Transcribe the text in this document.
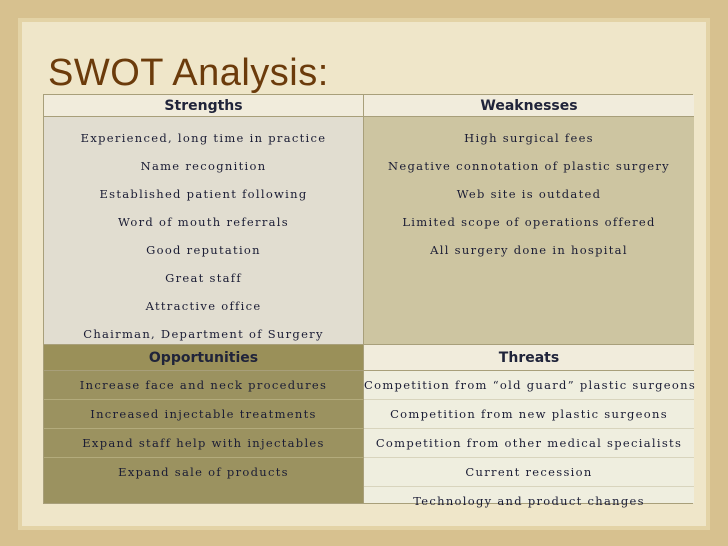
SWOT Analysis:
Strengths	Weaknesses
Experienced, long time in practice
Name recognition
Established patient following
Word of mouth referrals
Good reputation
Great staff
Attractive office
Chairman, Department of Surgery
High surgical fees
Negative connotation of plastic surgery
Web site is outdated
Limited scope of operations offered
All surgery done in hospital
Opportunities	Threats
Increase face and neck procedures
Increased injectable treatments
Expand staff help with injectables
Expand sale of products
Competition from “old guard” plastic surgeons
Competition from new plastic surgeons
Competition from other medical specialists
Current recession
Technology and product changes
